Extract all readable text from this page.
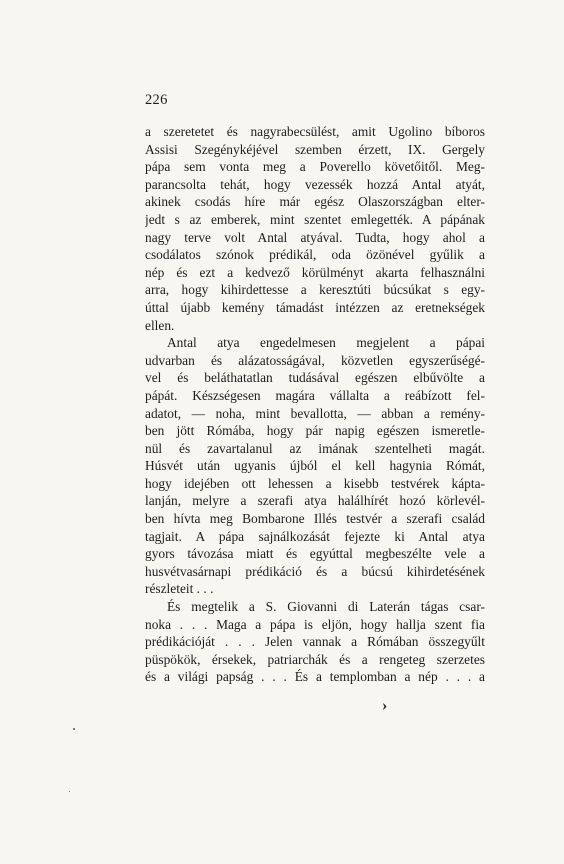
226
a szeretetet és nagyrabecsülést, amit Ugolino bíboros
Assisi Szegénykéjével szemben érzett, IX. Gergely
pápa sem vonta meg a Poverello követőitől. Meg-
parancsolta tehát, hogy vezessék hozzá Antal atyát,
akinek csodás híre már egész Olaszországban elter-
jedt s az emberek, mint szentet emlegették. A pápának
nagy terve volt Antal atyával. Tudta, hogy ahol a
csodálatos szónok prédikál, oda özönével gyűlik a
nép és ezt a kedvező körülményt akarta felhasználni
arra, hogy kihirdettesse a keresztúti búcsúkat s egy-
úttal újabb kemény támadást intézzen az eretnekségek
ellen.
Antal atya engedelmesen megjelent a pápai
udvarban és alázatosságával, közvetlen egyszerűségé-
vel és beláthatatlan tudásával egészen elbűvölte a
pápát. Készségesen magára vállalta a reábízott fel-
adatot, — noha, mint bevallotta, — abban a remény-
ben jött Rómába, hogy pár napig egészen ismeretle-
nül és zavartalanul az imának szentelheti magát.
Húsvét után ugyanis újból el kell hagynia Rómát,
hogy idejében ott lehessen a kisebb testvérek kápta-
lanján, melyre a szerafi atya halálhírét hozó körlevél-
ben hívta meg Bombarone Illés testvér a szerafi család
tagjait. A pápa sajnálkozását fejezte ki Antal atya
gyors távozása miatt és egyúttal megbeszélte vele a
husvétvasárnapi prédikáció és a búcsú kihirdetésének
részleteit . . .
És megtelik a S. Giovanni di Laterán tágas csar-
noka . . . Maga a pápa is eljön, hogy hallja szent fia
prédikációját . . . Jelen vannak a Rómában összegyűlt
püspökök, érsekek, patriarchák és a rengeteg szerzetes
és a világi papság . . . És a templomban a nép . . . a
›
